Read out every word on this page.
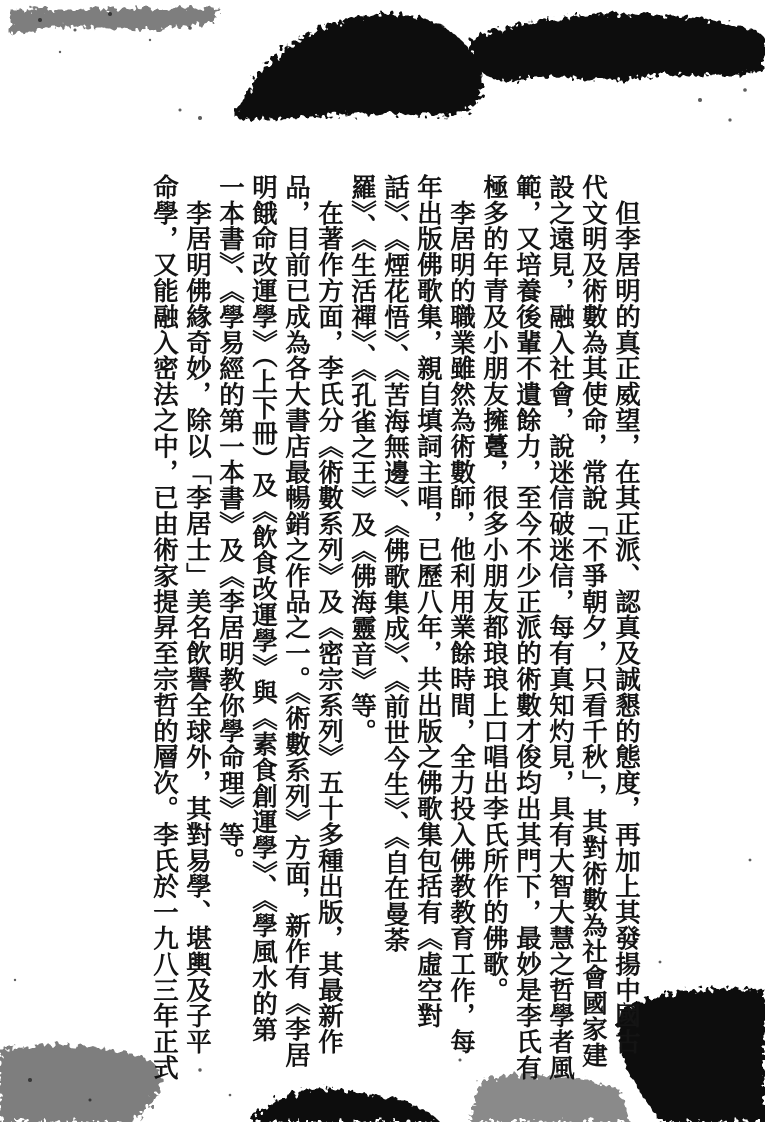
　但李居明的真正威望，在其正派、認真及誠懇的態度，再加上其發揚中國古
代文明及術數為其使命，常說「不爭朝夕，只看千秋」，其對術數為社會國家建
設之遠見，融入社會，說迷信破迷信，每有真知灼見，具有大智大慧之哲學者風
範，又培養後輩不遺餘力，至今不少正派的術數才俊均出其門下，最妙是李氏有
極多的年青及小朋友擁躉，很多小朋友都琅琅上口唱出李氏所作的佛歌。
　李居明的職業雖然為術數師，他利用業餘時間，全力投入佛教教育工作，每
年出版佛歌集，親自填詞主唱，已歷八年，共出版之佛歌集包括有《虛空對
話》、《煙花悟》、《苦海無邊》、《佛歌集成》、《前世今生》、《自在曼荼
羅》、《生活禪》、《孔雀之王》及《佛海靈音》等。
　在著作方面，李氏分《術數系列》及《密宗系列》五十多種出版，其最新作
品，目前已成為各大書店最暢銷之作品之一。《術數系列》方面，新作有《李居
明餓命改運學》（上下冊）及《飲食改運學》與《素食創運學》、《學風水的第
一本書》、《學易經的第一本書》及《李居明教你學命理》等。
　李居明佛緣奇妙，除以「李居士」美名飲譽全球外，其對易學、堪輿及子平
命學，又能融入密法之中，已由術家提昇至宗哲的層次。李氏於一九八三年正式
